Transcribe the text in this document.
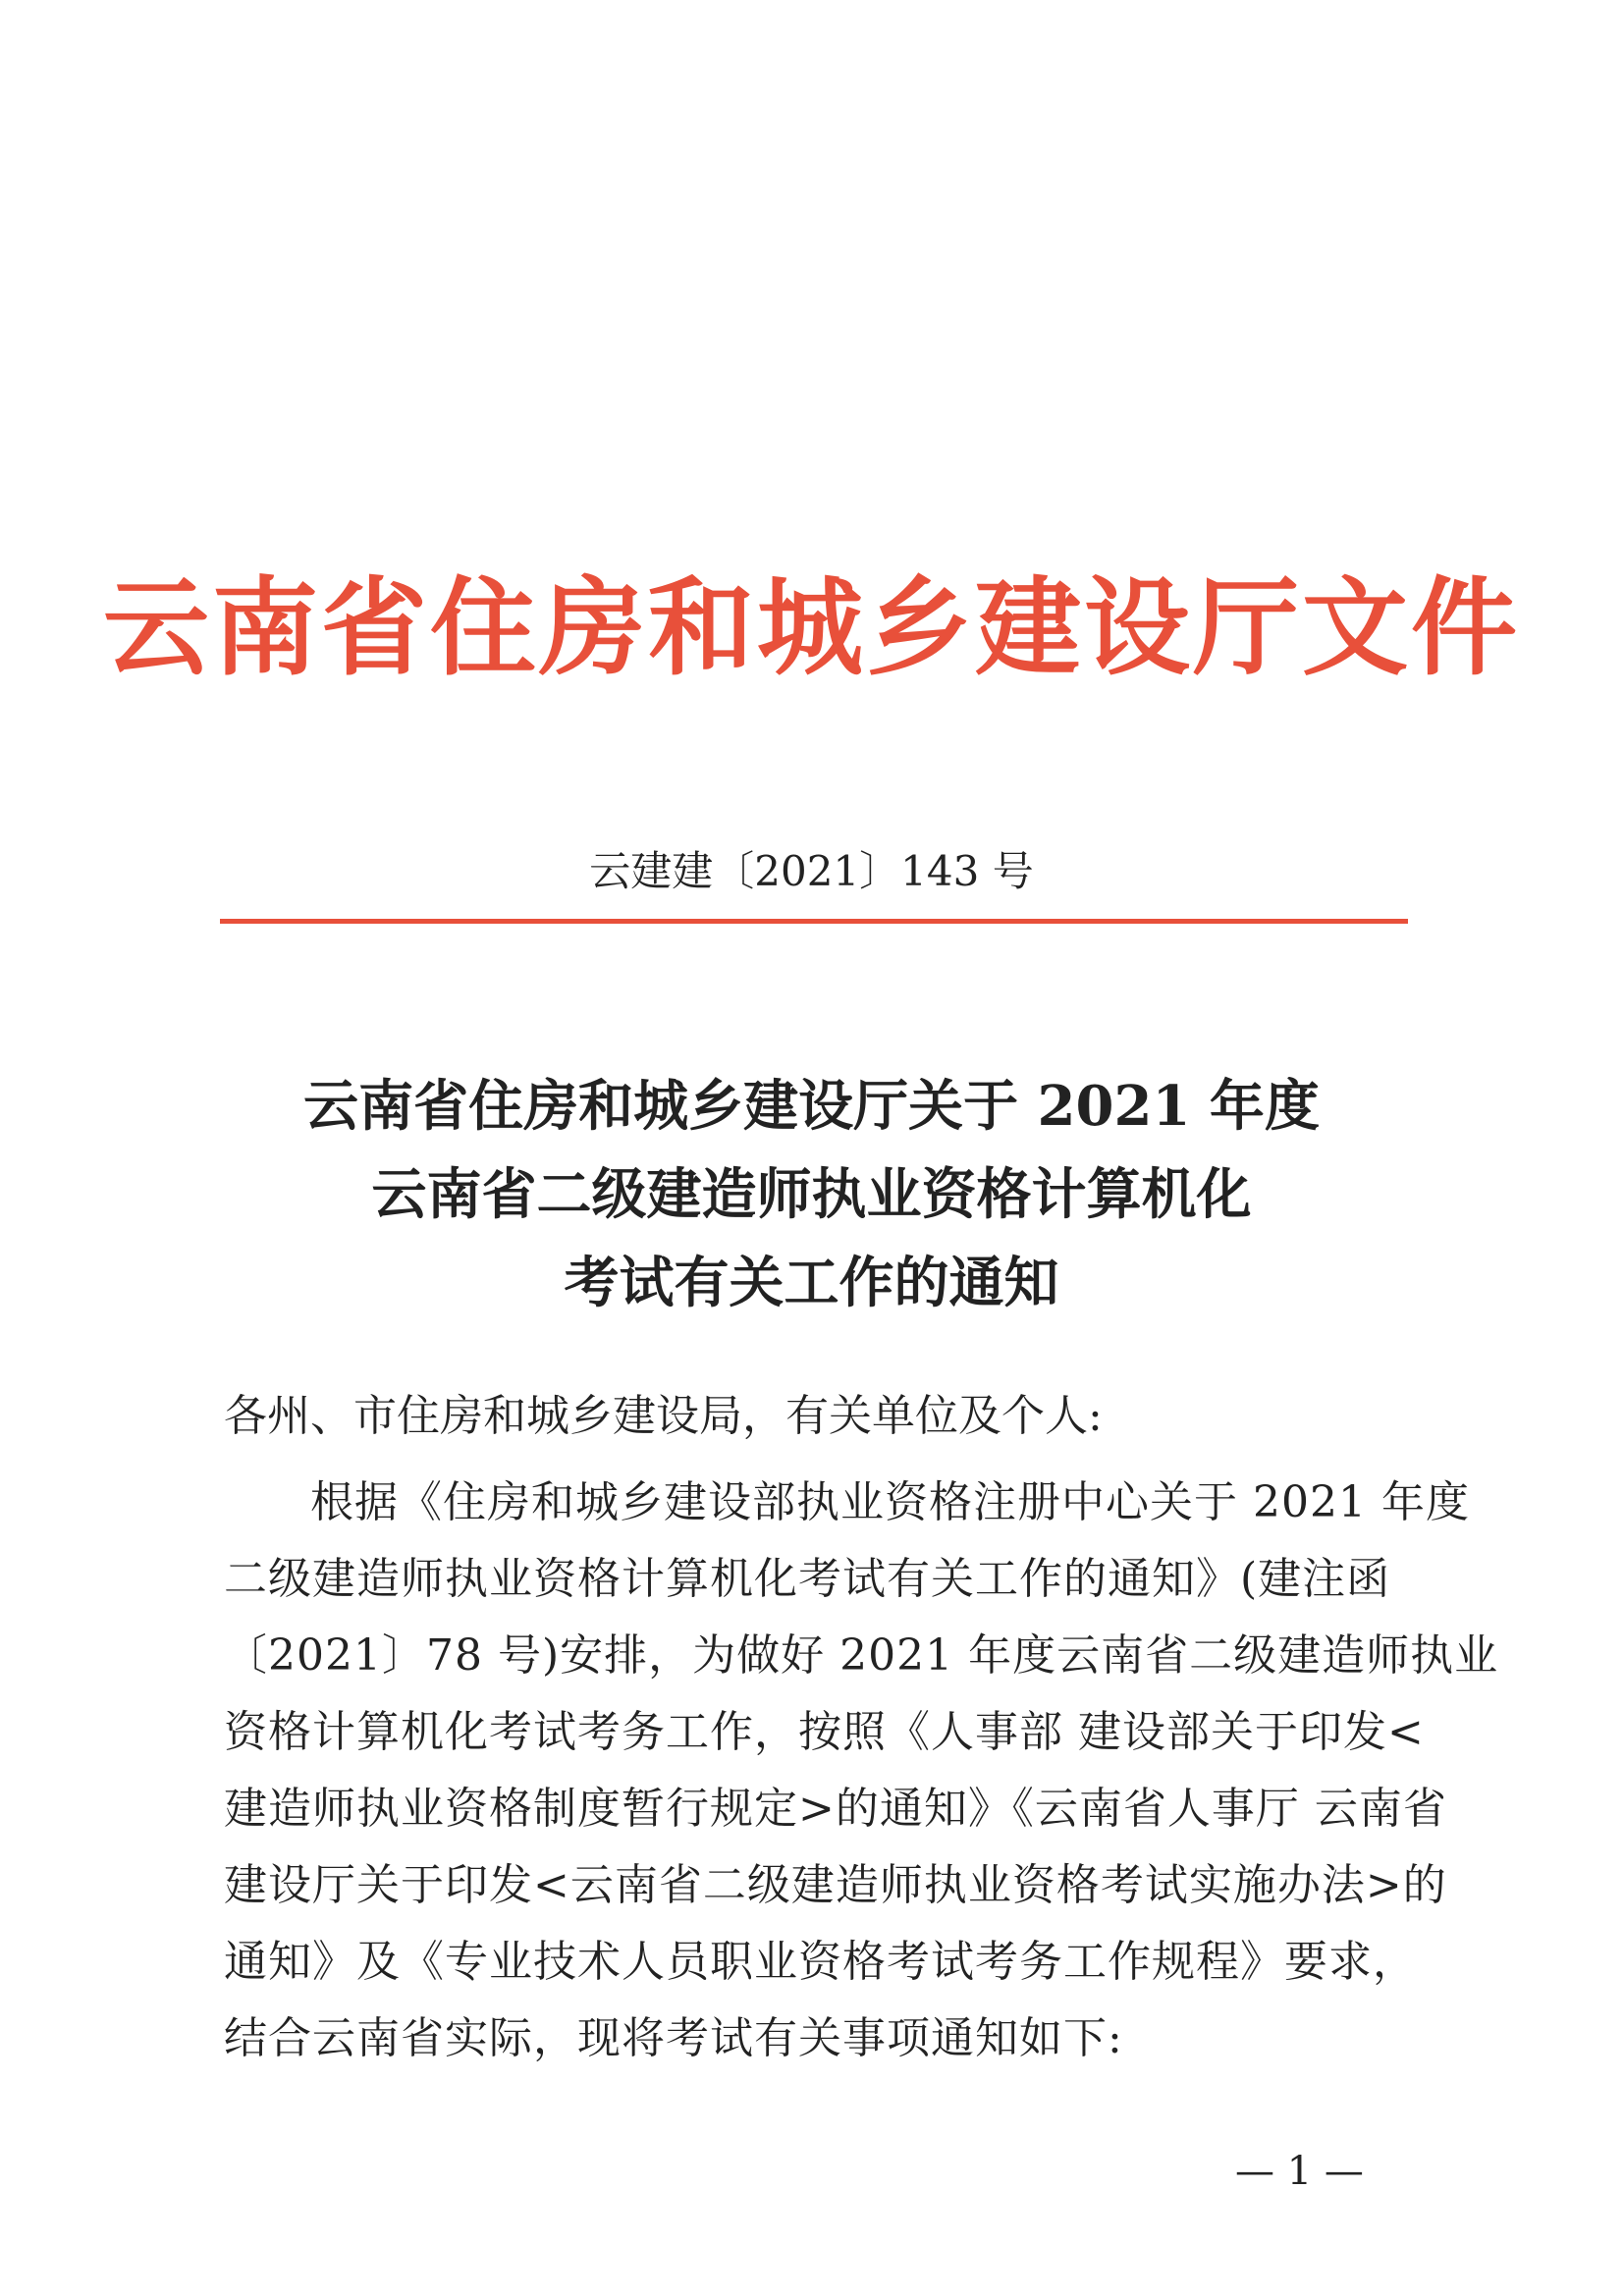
云南省住房和城乡建设厅文件
云建建〔2021〕143 号
云南省住房和城乡建设厅关于 2021 年度
云南省二级建造师执业资格计算机化
考试有关工作的通知
各州、市住房和城乡建设局，有关单位及个人:
根据《住房和城乡建设部执业资格注册中心关于 2021 年度
二级建造师执业资格计算机化考试有关工作的通知》(建注函
〔2021〕78 号)安排，为做好 2021 年度云南省二级建造师执业
资格计算机化考试考务工作，按照《人事部 建设部关于印发<
建造师执业资格制度暂行规定>的通知》《云南省人事厅 云南省
建设厅关于印发<云南省二级建造师执业资格考试实施办法>的
通知》及《专业技术人员职业资格考试考务工作规程》要求，
结合云南省实际，现将考试有关事项通知如下:
— 1 —
